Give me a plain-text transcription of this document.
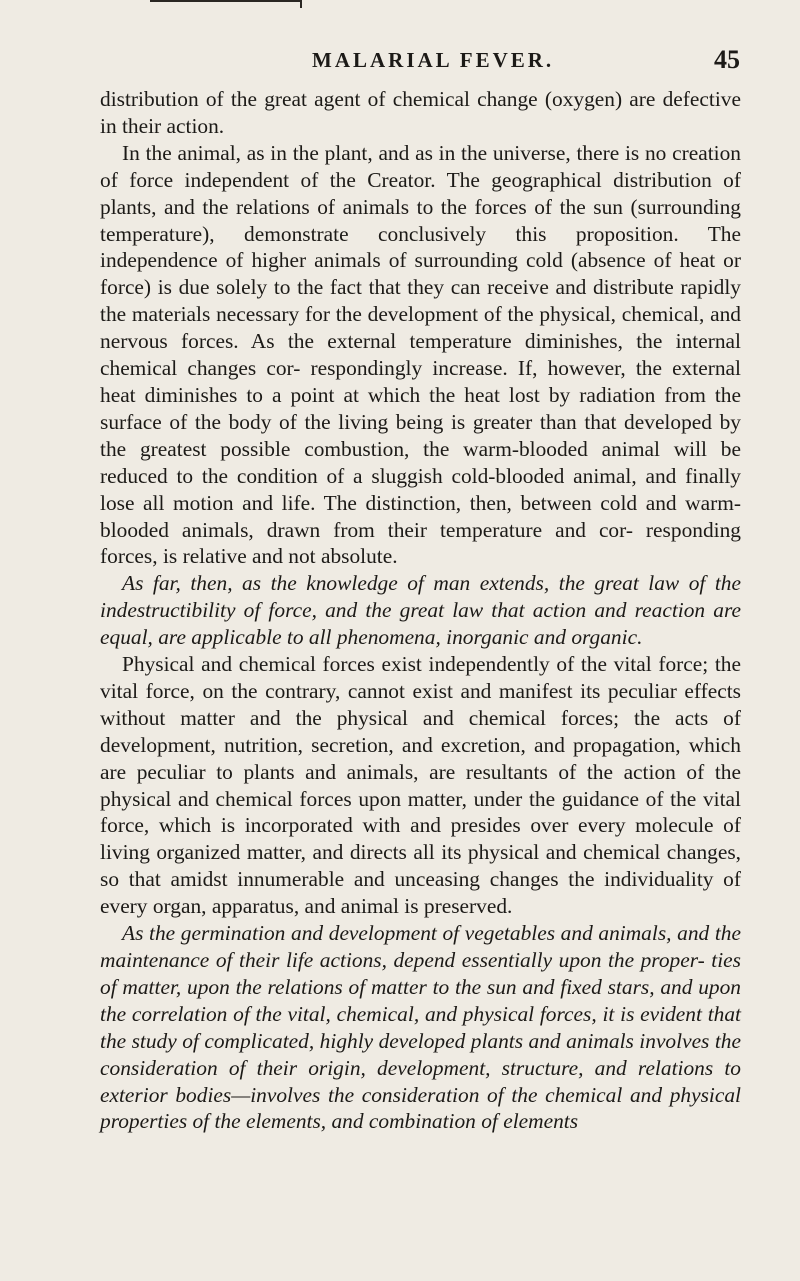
MALARIAL FEVER.	45

distribution of the great agent of chemical change (oxygen) are defective in their action.

In the animal, as in the plant, and as in the universe, there is no creation of force independent of the Creator. The geographical distribution of plants, and the relations of animals to the forces of the sun (surrounding temperature), demonstrate conclusively this proposition. The independence of higher animals of surrounding cold (absence of heat or force) is due solely to the fact that they can receive and distribute rapidly the materials necessary for the development of the physical, chemical, and nervous forces. As the external temperature diminishes, the internal chemical changes cor- respondingly increase. If, however, the external heat diminishes to a point at which the heat lost by radiation from the surface of the body of the living being is greater than that developed by the greatest possible combustion, the warm-blooded animal will be reduced to the condition of a sluggish cold-blooded animal, and finally lose all motion and life. The distinction, then, between cold and warm-blooded animals, drawn from their temperature and cor- responding forces, is relative and not absolute.

As far, then, as the knowledge of man extends, the great law of the indestructibility of force, and the great law that action and reaction are equal, are applicable to all phenomena, inorganic and organic.

Physical and chemical forces exist independently of the vital force; the vital force, on the contrary, cannot exist and manifest its peculiar effects without matter and the physical and chemical forces; the acts of development, nutrition, secretion, and excretion, and propagation, which are peculiar to plants and animals, are resultants of the action of the physical and chemical forces upon matter, under the guidance of the vital force, which is incorporated with and presides over every molecule of living organized matter, and directs all its physical and chemical changes, so that amidst innumerable and unceasing changes the individuality of every organ, apparatus, and animal is preserved.

As the germination and development of vegetables and animals, and the maintenance of their life actions, depend essentially upon the proper- ties of matter, upon the relations of matter to the sun and fixed stars, and upon the correlation of the vital, chemical, and physical forces, it is evident that the study of complicated, highly developed plants and animals involves the consideration of their origin, development, structure, and relations to exterior bodies—involves the consideration of the chemical and physical properties of the elements, and combination of elements
